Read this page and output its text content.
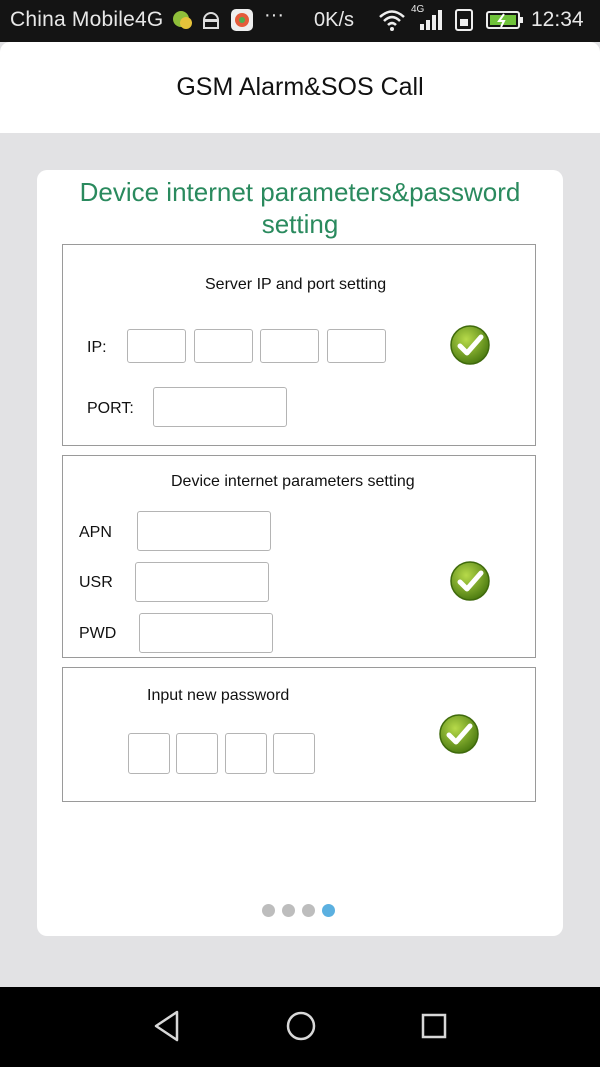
China Mobile4G	··· 0K/s	4G	12:34
GSM Alarm&SOS Call
Device internet parameters&password
setting
Server IP and port setting
IP:
PORT:
Device internet parameters setting
APN
USR
PWD
Input new password
